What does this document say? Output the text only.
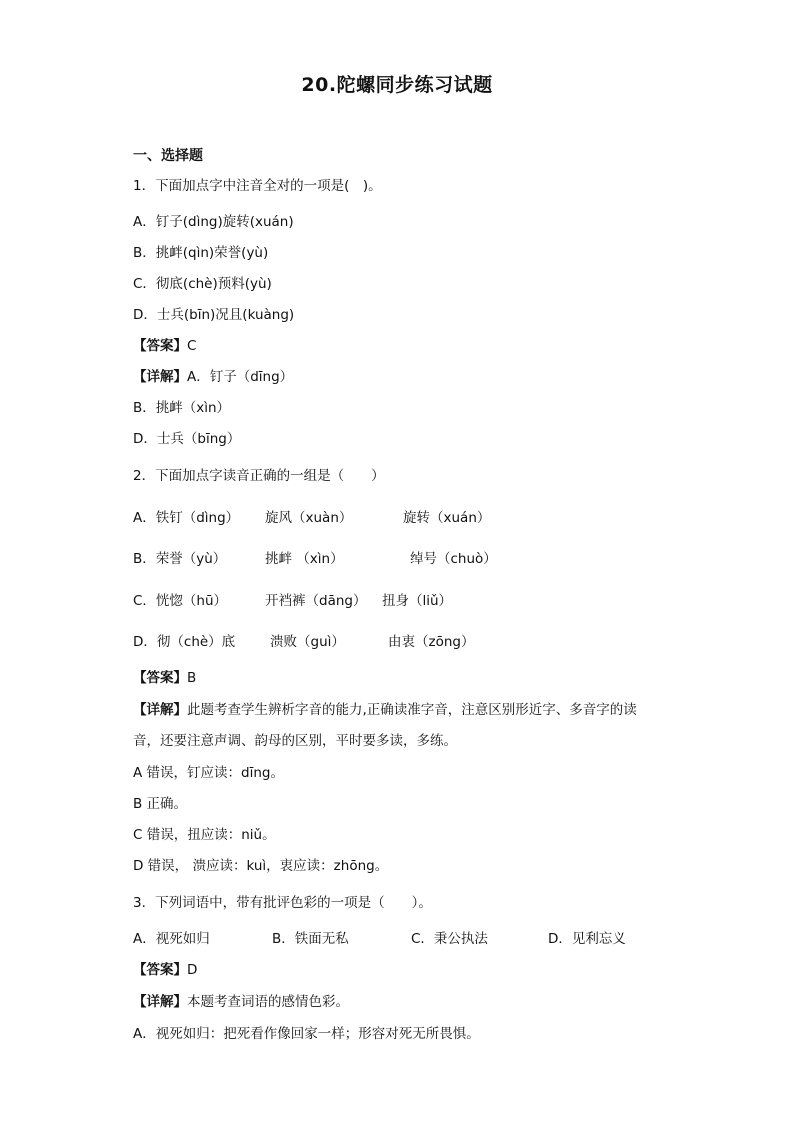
20.陀螺同步练习试题
一、选择题
1．下面加点字中注音全对的一项是(　)。
A．钉子(dìng)旋转(xuán)
B．挑衅(qìn)荣誉(yù)
C．彻底(chè)预料(yù)
D．士兵(bīn)况且(kuàng)
【答案】C
【详解】A．钉子（dīng）
B．挑衅（xìn）
D．士兵（bīng）
2．下面加点字读音正确的一组是（　　）
A．铁钉（dìng） 旋风（xuàn）	旋转（xuán）
B．荣誉（yù）	挑衅 （xìn）	绰号（chuò）
C．恍惚（hū）	开裆裤（dāng） 扭身（liǔ）
D．彻（chè）底	溃败（guì）	由衷（zōng）
【答案】B
【详解】此题考查学生辨析字音的能力,正确读准字音，注意区别形近字、多音字的读
音，还要注意声调、韵母的区别，平时要多读，多练。
A 错误，钉应读：dīng。
B 正确。
C 错误，扭应读：niǔ。
D 错误， 溃应读：kuì，衷应读：zhōng。
3．下列词语中，带有批评色彩的一项是（　　）。
A．视死如归	B．铁面无私	C．秉公执法	D．见利忘义
【答案】D
【详解】本题考查词语的感情色彩。
A．视死如归：把死看作像回家一样；形容对死无所畏惧。
